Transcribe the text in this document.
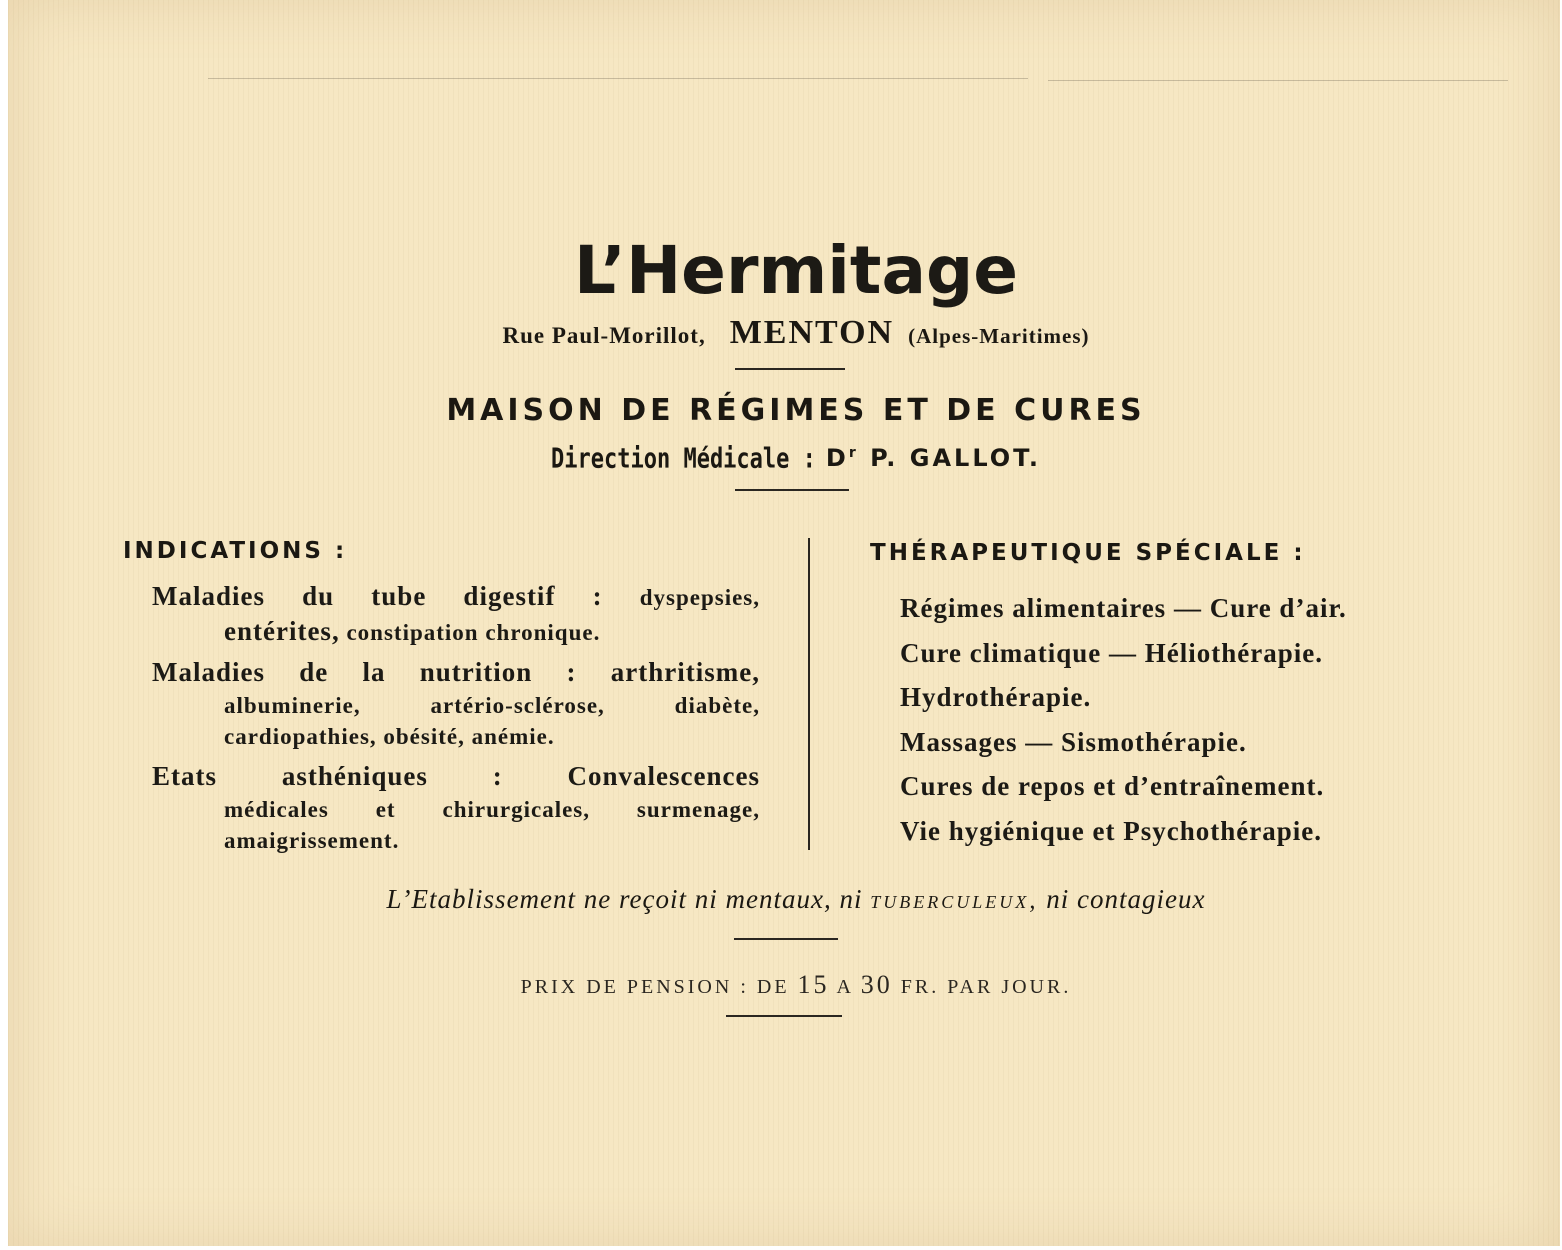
L’Hermitage
Rue Paul-Morillot, MENTON (Alpes-Maritimes)
MAISON DE RÉGIMES ET DE CURES
Direction Médicale : $D^r$ P. GALLOT.
INDICATIONS :	THÉRAPEUTIQUE SPÉCIALE :
Maladies du tube digestif : dyspepsies,
entérites, constipation chronique.
Maladies de la nutrition : arthritisme,
albuminerie, artério-sclérose, diabète,
cardiopathies, obésité, anémie.
Etats asthéniques : Convalescences
médicales et chirurgicales, surmenage,
amaigrissement.
Régimes alimentaires — Cure d’air.
Cure climatique — Héliothérapie.
Hydrothérapie.
Massages — Sismothérapie.
Cures de repos et d’entraînement.
Vie hygiénique et Psychothérapie.
L’Etablissement ne reçoit ni mentaux, ni tuberculeux, ni contagieux
PRIX DE PENSION : DE 15 A 30 FR. PAR JOUR.
